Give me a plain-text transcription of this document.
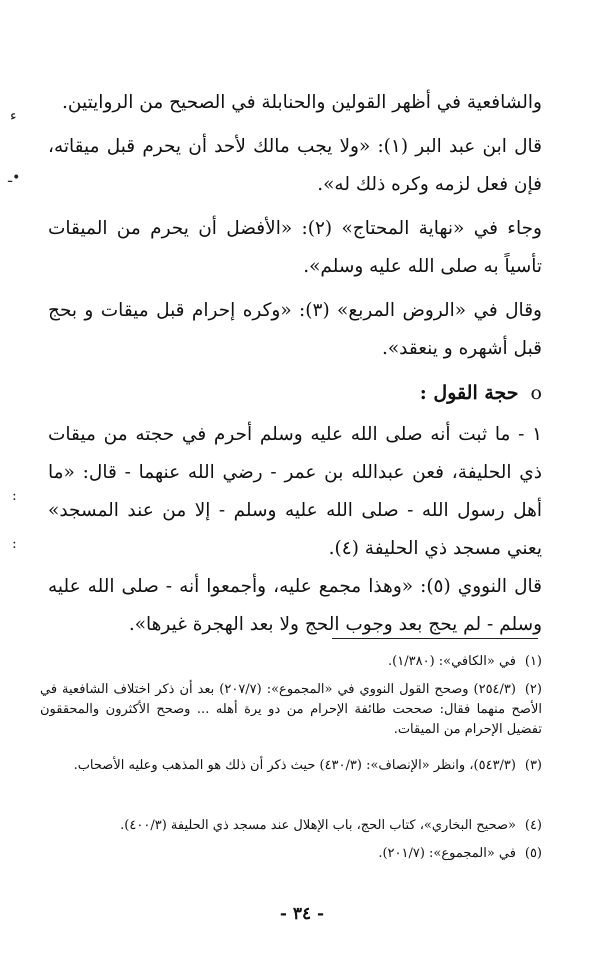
ء
ـ•
:
:

والشافعية في أظهر القولين والحنابلة في الصحيح من الروايتين.

قال ابن عبد البر (١): «ولا يجب مالك لأحد أن يحرم قبل ميقاته، فإن فعل لزمه وكره ذلك له».

وجاء في «نهاية المحتاج» (٢): «الأفضل أن يحرم من الميقات تأسياً به صلى الله عليه وسلم».

وقال في «الروض المربع» (٣): «وكره إحرام قبل ميقات و بحج قبل أشهره و ينعقد».

oحجة القول :

١ - ما ثبت أنه صلى الله عليه وسلم أحرم في حجته من ميقات ذي الحليفة، فعن عبدالله بن عمر - رضي الله عنهما - قال: «ما أهل رسول الله - صلى الله عليه وسلم - إلا من عند المسجد» يعني مسجد ذي الحليفة (٤).

قال النووي (٥): «وهذا مجمع عليه، وأجمعوا أنه - صلى الله عليه وسلم - لم يحج بعد وجوب الحج ولا بعد الهجرة غيرها».

(١)في «الكافي»: (١/٣٨٠).
(٢)(٢٥٤/٣) وصحح القول النووي في «المجموع»: (٢٠٧/٧) بعد أن ذكر اختلاف الشافعية في الأصح منهما فقال: صححت طائفة الإحرام من دو يرة أهله ... وصحح الأكثرون والمحققون تفضيل الإحرام من الميقات.
(٣)(٥٤٣/٣)، وانظر «الإنصاف»: (٤٣٠/٣) حيث ذكر أن ذلك هو المذهب وعليه الأصحاب.
(٤)«صحيح البخاري»، كتاب الحج، باب الإهلال عند مسجد ذي الحليفة (٤٠٠/٣).
(٥)في «المجموع»: (٢٠١/٧).
- ٣٤ -
